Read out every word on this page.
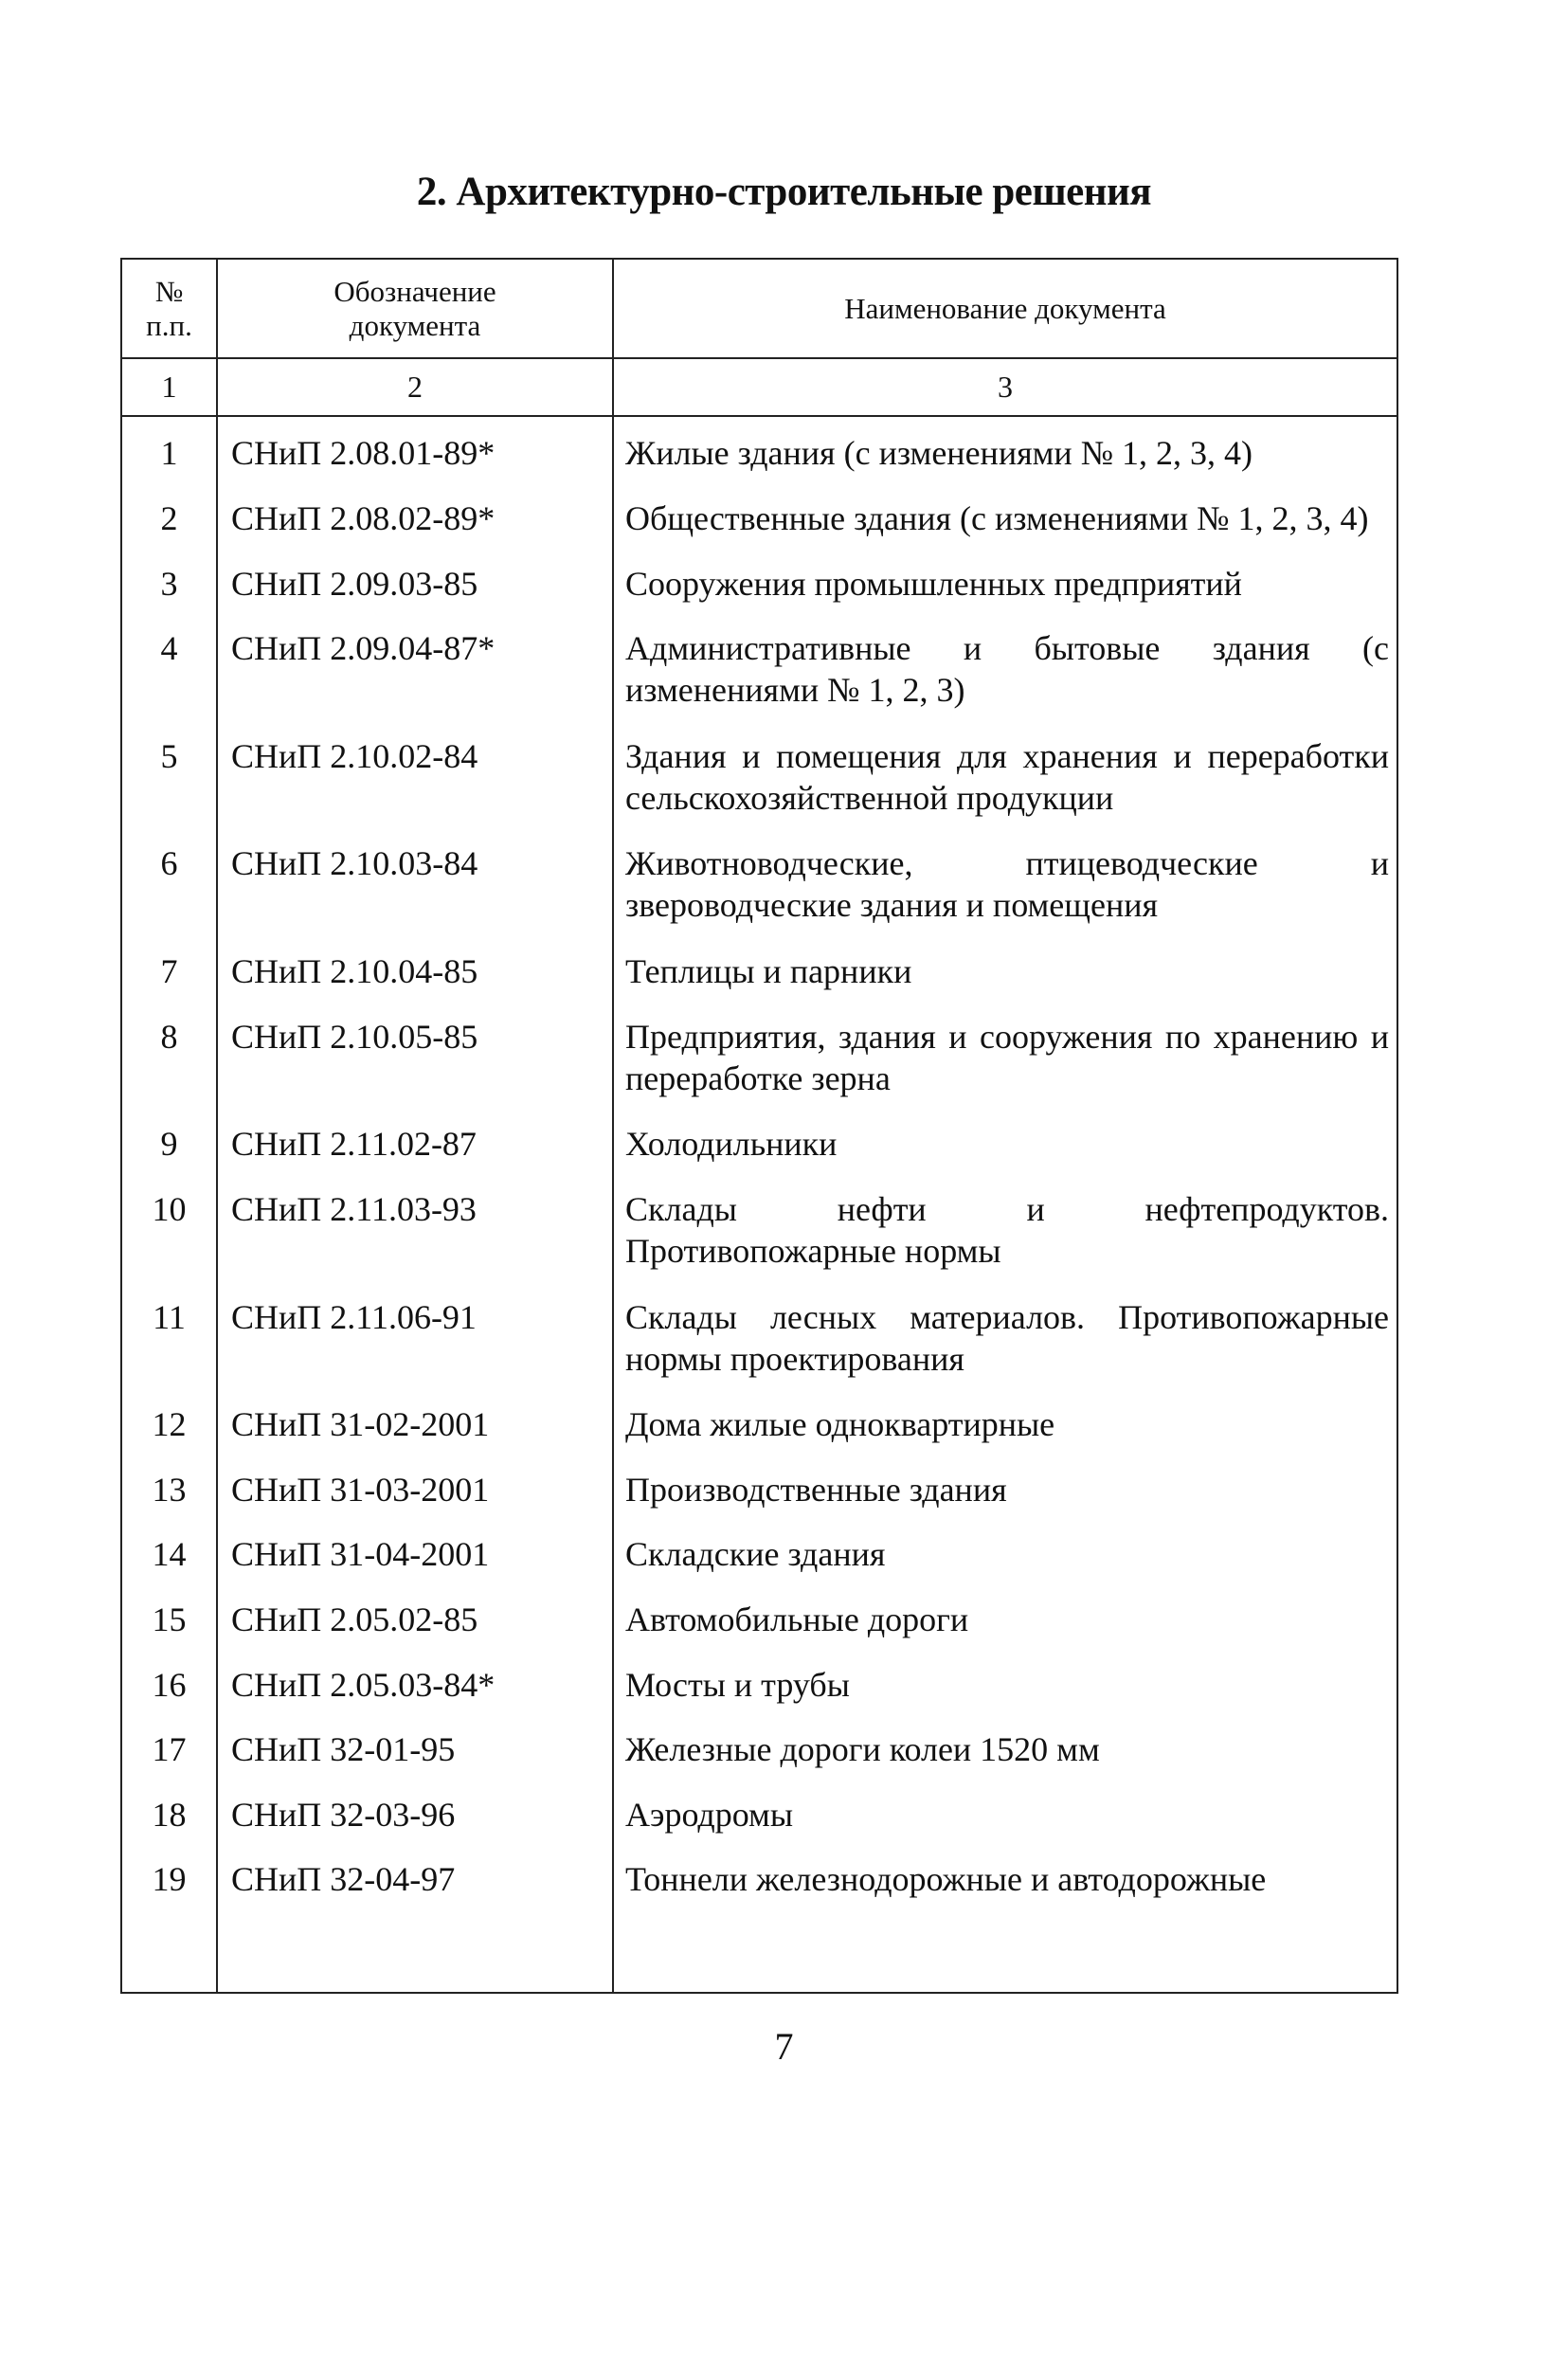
2. Архитектурно-строительные решения
№ п.п.	Обозначение документа	Наименование документа
1	2	3
1	СНиП 2.08.01-89*	Жилые здания (с изменениями № 1, 2, 3, 4)
2	СНиП 2.08.02-89*	Общественные здания (с изменениями № 1, 2, 3, 4)
3	СНиП 2.09.03-85	Сооружения промышленных предприятий
4	СНиП 2.09.04-87*	Административные и бытовые здания (с изменениями № 1, 2, 3)
5	СНиП 2.10.02-84	Здания и помещения для хранения и переработки сельскохозяйственной продукции
6	СНиП 2.10.03-84	Животноводческие, птицеводческие и звероводческие здания и помещения
7	СНиП 2.10.04-85	Теплицы и парники
8	СНиП 2.10.05-85	Предприятия, здания и сооружения по хранению и переработке зерна
9	СНиП 2.11.02-87	Холодильники
10	СНиП 2.11.03-93	Склады нефти и нефтепродуктов. Противопожарные нормы
11	СНиП 2.11.06-91	Склады лесных материалов. Противопожарные нормы проектирования
12	СНиП 31-02-2001	Дома жилые одноквартирные
13	СНиП 31-03-2001	Производственные здания
14	СНиП 31-04-2001	Складские здания
15	СНиП 2.05.02-85	Автомобильные дороги
16	СНиП 2.05.03-84*	Мосты и трубы
17	СНиП 32-01-95	Железные дороги колеи 1520 мм
18	СНиП 32-03-96	Аэродромы
19	СНиП 32-04-97	Тоннели железнодорожные и автодорожные

7
